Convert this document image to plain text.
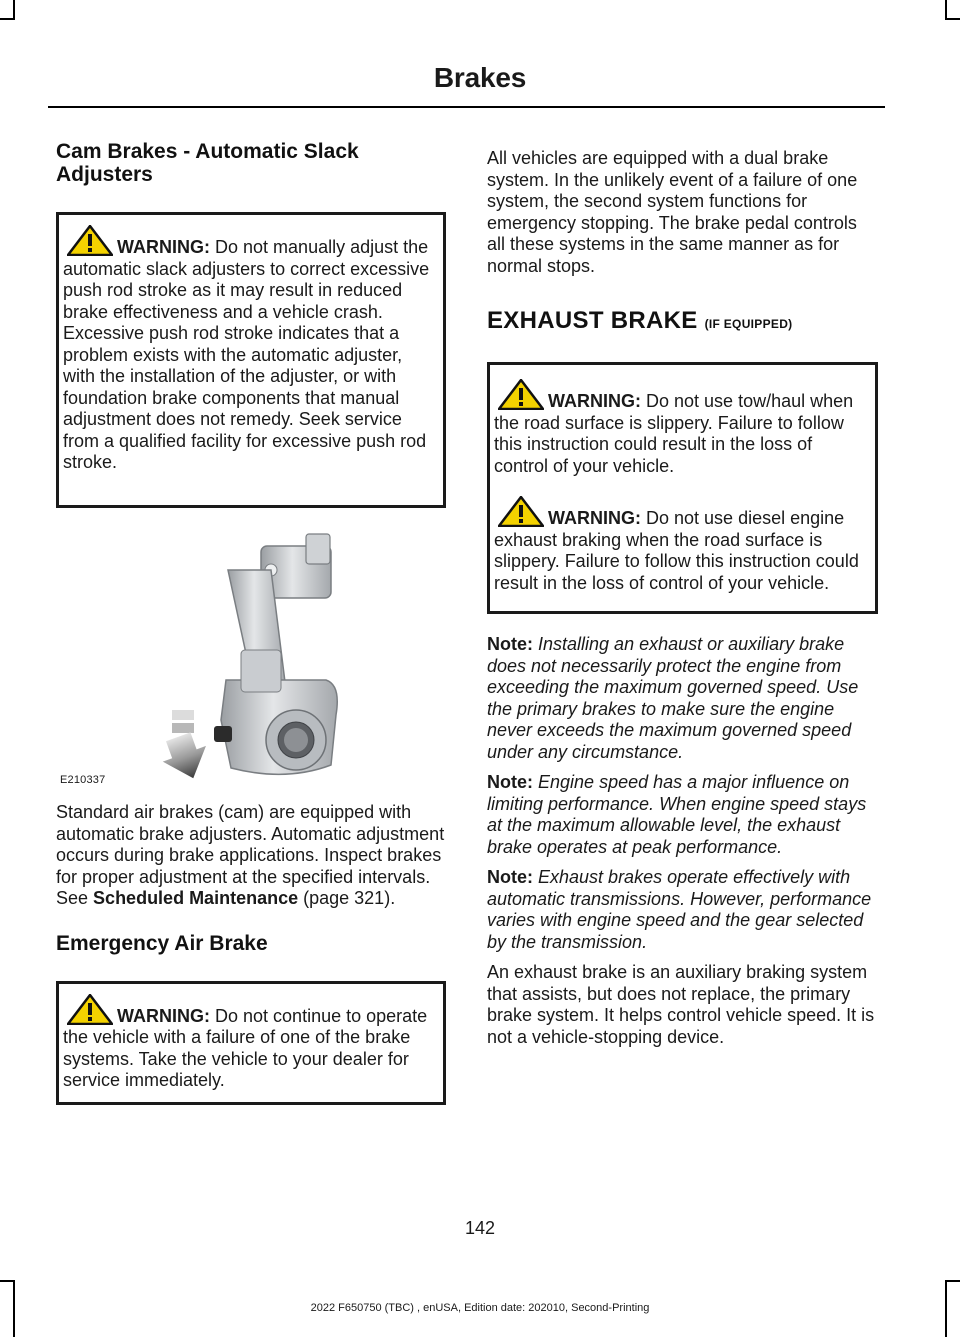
Brakes
Cam Brakes - Automatic Slack Adjusters
WARNING: Do not manually adjust the automatic slack adjusters to correct excessive push rod stroke as it may result in reduced brake effectiveness and a vehicle crash. Excessive push rod stroke indicates that a problem exists with the automatic adjuster, with the installation of the adjuster, or with foundation brake components that manual adjustment does not remedy. Seek service from a qualified facility for excessive push rod stroke.
E210337

Standard air brakes (cam) are equipped with automatic brake adjusters. Automatic adjustment occurs during brake applications. Inspect brakes for proper adjustment at the specified intervals. See Scheduled Maintenance (page 321).

Emergency Air Brake
WARNING: Do not continue to operate the vehicle with a failure of one of the brake systems. Take the vehicle to your dealer for service immediately.

All vehicles are equipped with a dual brake system. In the unlikely event of a failure of one system, the second system functions for emergency stopping. The brake pedal controls all these systems in the same manner as for normal stops.

EXHAUST BRAKE (IF EQUIPPED)
WARNING: Do not use tow/haul when the road surface is slippery. Failure to follow this instruction could result in the loss of control of your vehicle.
WARNING: Do not use diesel engine exhaust braking when the road surface is slippery. Failure to follow this instruction could result in the loss of control of your vehicle.

Note: Installing an exhaust or auxiliary brake does not necessarily protect the engine from exceeding the maximum governed speed. Use the primary brakes to make sure the engine never exceeds the maximum governed speed under any circumstance.

Note: Engine speed has a major influence on limiting performance. When engine speed stays at the maximum allowable level, the exhaust brake operates at peak performance.

Note: Exhaust brakes operate effectively with automatic transmissions. However, performance varies with engine speed and the gear selected by the transmission.

An exhaust brake is an auxiliary braking system that assists, but does not replace, the primary brake system. It helps control vehicle speed. It is not a vehicle-stopping device.

142
2022 F650750 (TBC) , enUSA, Edition date: 202010, Second-Printing
